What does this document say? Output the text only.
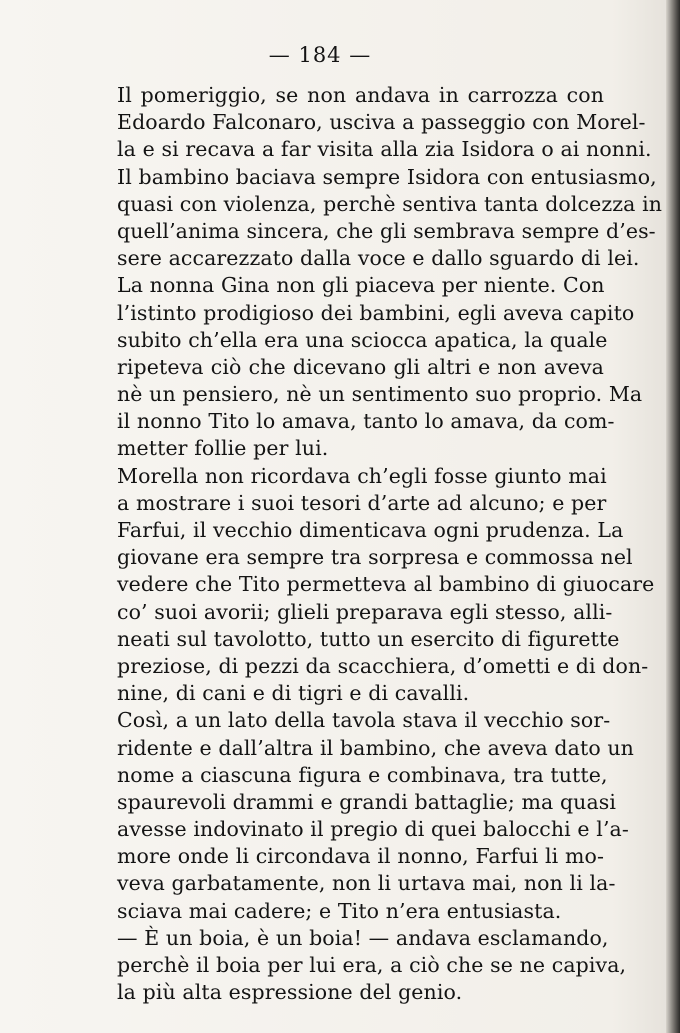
— 184 —
Il pomeriggio, se non andava in carrozza con
Edoardo Falconaro, usciva a passeggio con Morel-
la e si recava a far visita alla zia Isidora o ai nonni.
Il bambino baciava sempre Isidora con entusiasmo,
quasi con violenza, perchè sentiva tanta dolcezza in
quell’anima sincera, che gli sembrava sempre d’es-
sere accarezzato dalla voce e dallo sguardo di lei.
La nonna Gina non gli piaceva per niente. Con
l’istinto prodigioso dei bambini, egli aveva capito
subito ch’ella era una sciocca apatica, la quale
ripeteva ciò che dicevano gli altri e non aveva
nè un pensiero, nè un sentimento suo proprio. Ma
il nonno Tito lo amava, tanto lo amava, da com-
metter follie per lui.
Morella non ricordava ch’egli fosse giunto mai
a mostrare i suoi tesori d’arte ad alcuno; e per
Farfui, il vecchio dimenticava ogni prudenza. La
giovane era sempre tra sorpresa e commossa nel
vedere che Tito permetteva al bambino di giuocare
co’ suoi avorii; glieli preparava egli stesso, alli-
neati sul tavolotto, tutto un esercito di figurette
preziose, di pezzi da scacchiera, d’ometti e di don-
nine, di cani e di tigri e di cavalli.
Così, a un lato della tavola stava il vecchio sor-
ridente e dall’altra il bambino, che aveva dato un
nome a ciascuna figura e combinava, tra tutte,
spaurevoli drammi e grandi battaglie; ma quasi
avesse indovinato il pregio di quei balocchi e l’a-
more onde li circondava il nonno, Farfui li mo-
veva garbatamente, non li urtava mai, non li la-
sciava mai cadere; e Tito n’era entusiasta.
— È un boia, è un boia! — andava esclamando,
perchè il boia per lui era, a ciò che se ne capiva,
la più alta espressione del genio.
